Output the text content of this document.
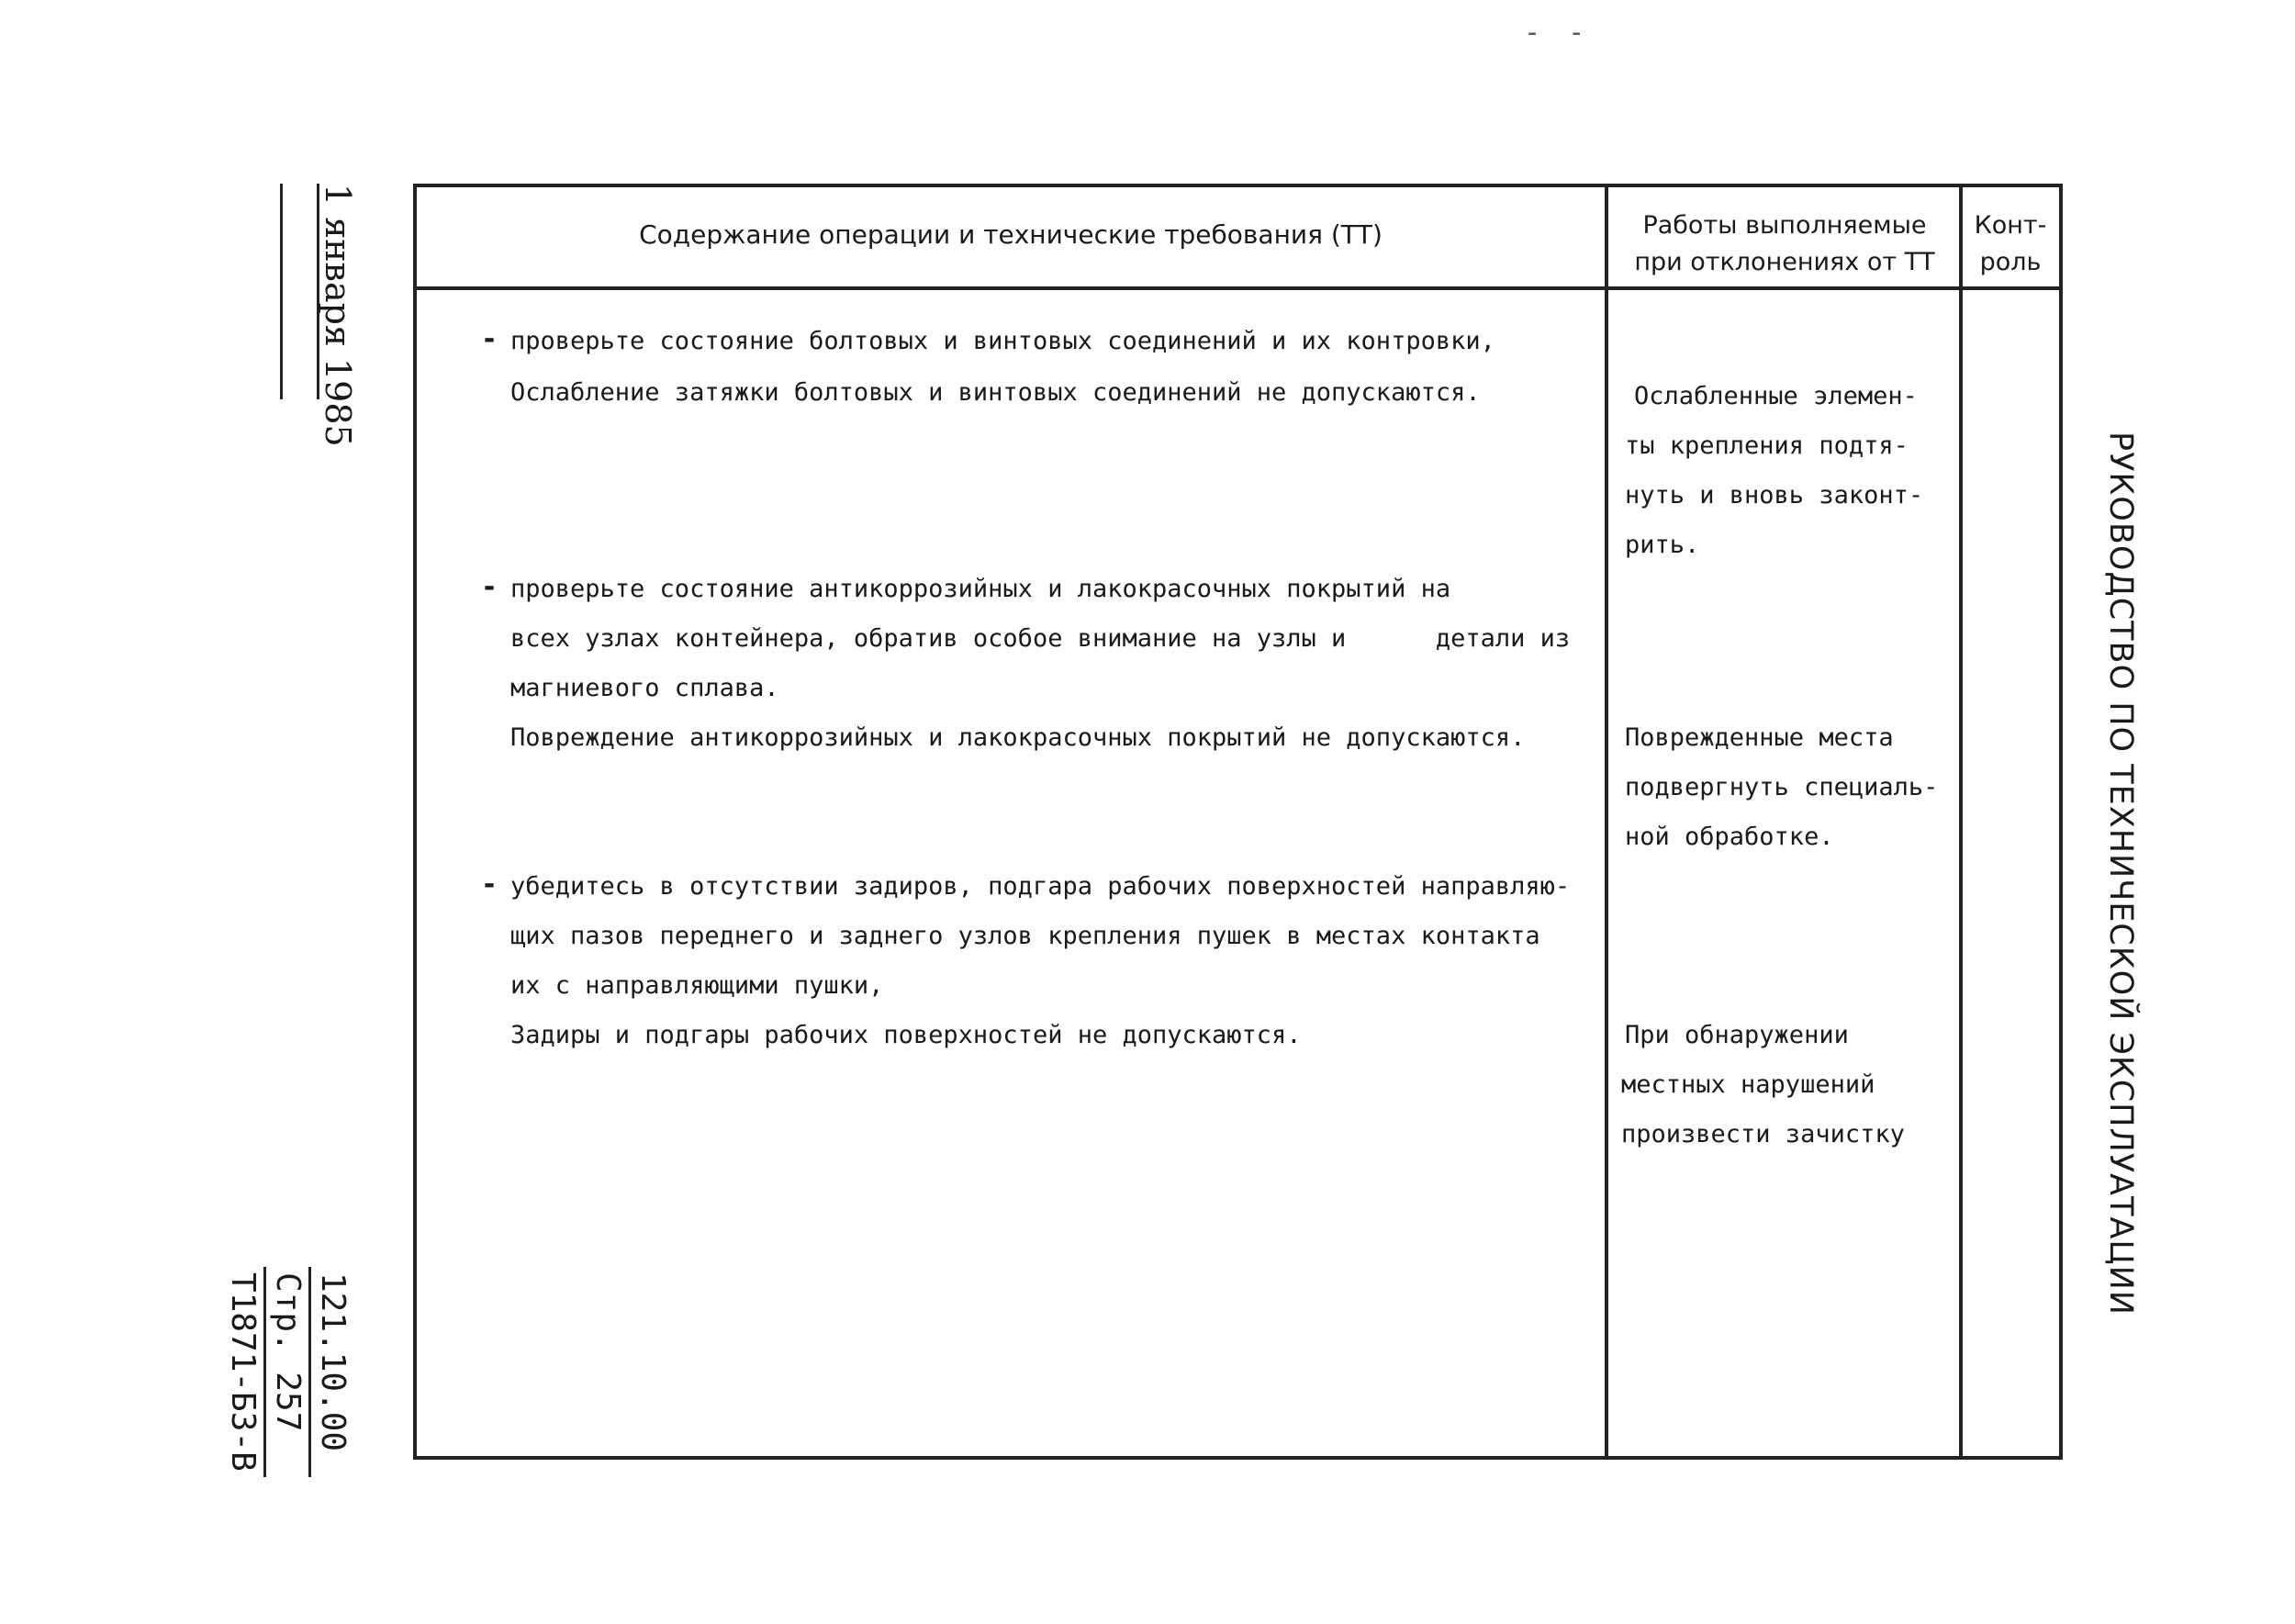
- -
1 января 1985
121.10.00
Стр. 257
Т1871-Б3-В
РУКОВОДСТВО ПО ТЕХНИЧЕСКОЙ ЭКСПЛУАТАЦИИ
Содержание операции и технические требования (ТТ)	Работы выполняемые
при отклонениях от ТТ
Конт-
роль
- проверьте состояние болтовых и винтовых соединений и их контровки,
Ослабление затяжки болтовых и винтовых соединений не допускаются.
- проверьте состояние антикоррозийных и лакокрасочных покрытий на
всех узлах контейнера, обратив особое внимание на узлы и      детали из
магниевого сплава.
Повреждение антикоррозийных и лакокрасочных покрытий не допускаются.
- убедитесь в отсутствии задиров, подгара рабочих поверхностей направляю-
щих пазов переднего и заднего узлов крепления пушек в местах контакта
их с направляющими пушки,
Задиры и подгары рабочих поверхностей не допускаются.
Ослабленные элемен-
ты крепления подтя-
нуть и вновь законт-
рить.
Поврежденные места
подвергнуть специаль-
ной обработке.
При обнаружении
местных нарушений
произвести зачистку
